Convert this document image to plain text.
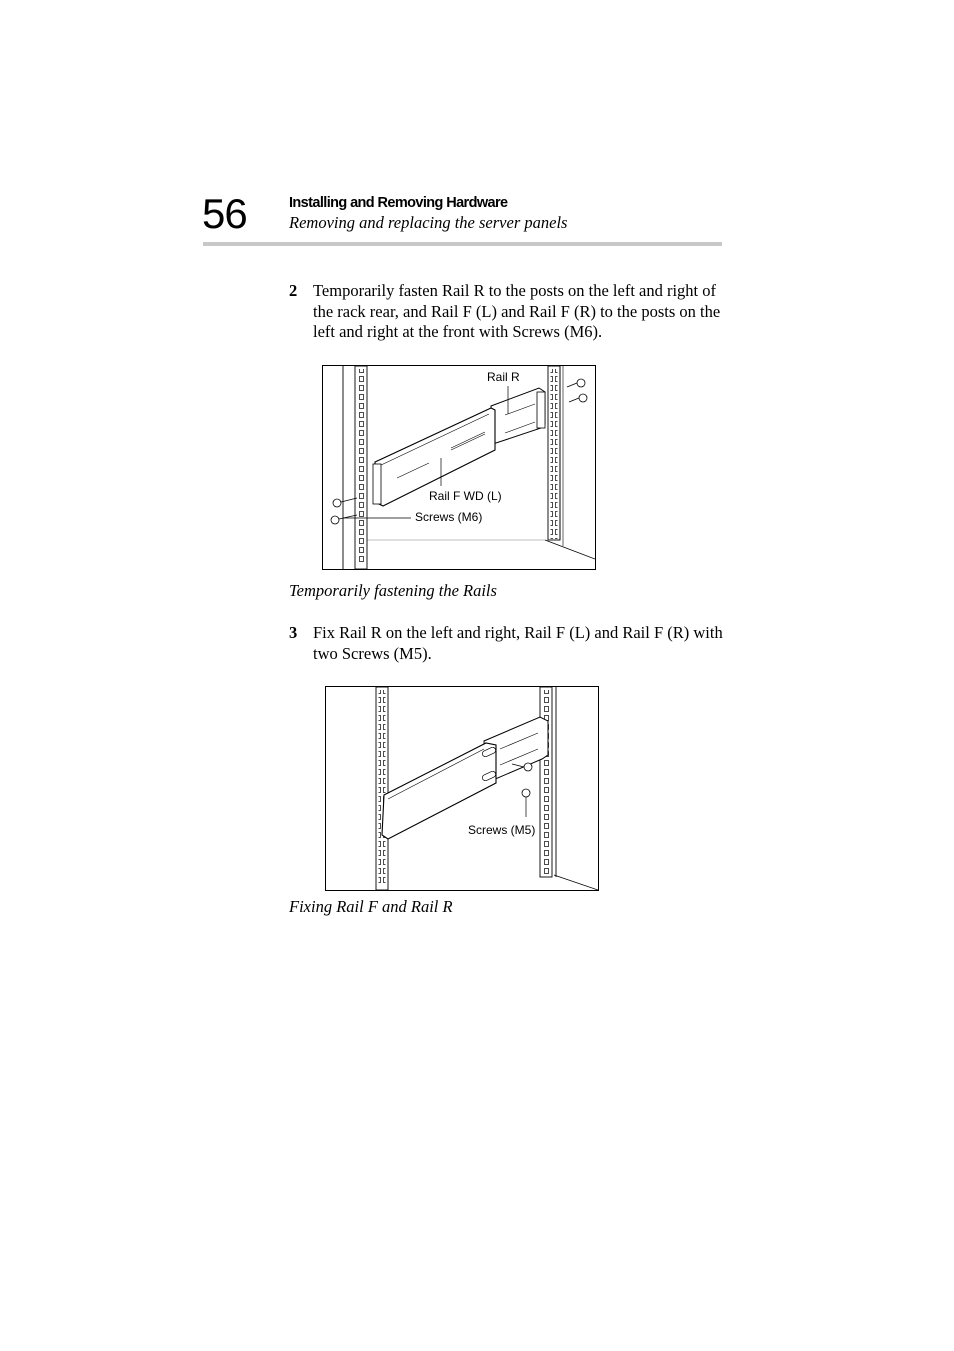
56	Installing and Removing Hardware
Removing and replacing the server panels
2 Temporarily fasten Rail R to the posts on the left and right of the rack rear, and Rail F (L) and Rail F (R) to the posts on the left and right at the front with Screws (M6).
Rail R
Rail F WD (L)
Screws (M6)
Temporarily fastening the Rails
3 Fix Rail R on the left and right, Rail F (L) and Rail F (R) with two Screws (M5).
Screws (M5)
Fixing Rail F and Rail R
